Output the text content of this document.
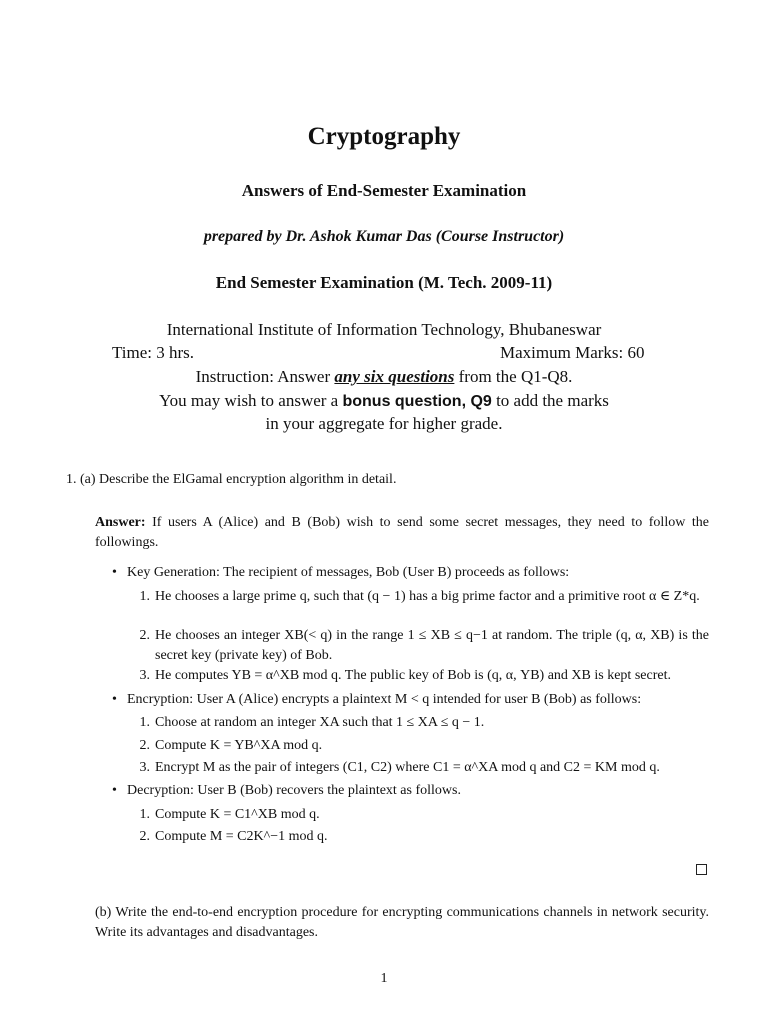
Cryptography
Answers of End-Semester Examination
prepared by Dr. Ashok Kumar Das (Course Instructor)
End Semester Examination (M. Tech. 2009-11)
International Institute of Information Technology, Bhubaneswar
Time: 3 hrs.	Maximum Marks: 60
Instruction: Answer any six questions from the Q1-Q8.
You may wish to answer a bonus question, Q9 to add the marks
in your aggregate for higher grade.
1. (a) Describe the ElGamal encryption algorithm in detail.
Answer: If users A (Alice) and B (Bob) wish to send some secret messages, they need to follow the followings.
Key Generation: The recipient of messages, Bob (User B) proceeds as follows:
1. He chooses a large prime q, such that (q − 1) has a big prime factor and a primitive root α ∈ Z*q.
2. He chooses an integer XB(< q) in the range 1 ≤ XB ≤ q−1 at random. The triple (q, α, XB) is the secret key (private key) of Bob.
3. He computes YB = α^XB mod q. The public key of Bob is (q, α, YB) and XB is kept secret.
Encryption: User A (Alice) encrypts a plaintext M < q intended for user B (Bob) as follows:
1. Choose at random an integer XA such that 1 ≤ XA ≤ q − 1.
2. Compute K = YB^XA mod q.
3. Encrypt M as the pair of integers (C1, C2) where C1 = α^XA mod q and C2 = KM mod q.
Decryption: User B (Bob) recovers the plaintext as follows.
1. Compute K = C1^XB mod q.
2. Compute M = C2K^−1 mod q.
(b) Write the end-to-end encryption procedure for encrypting communications channels in network security. Write its advantages and disadvantages.
1
